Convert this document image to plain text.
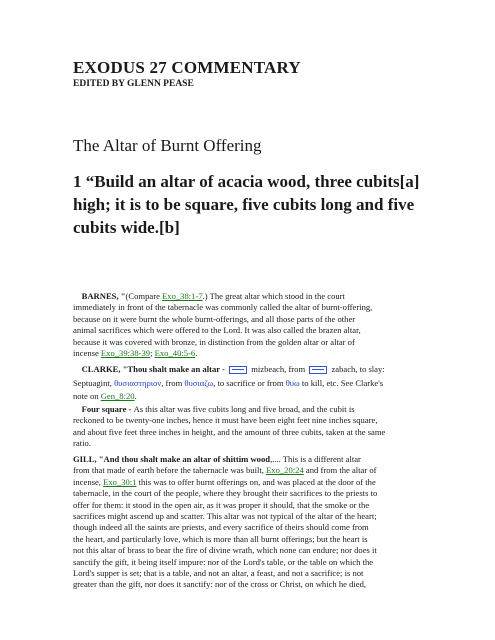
EXODUS 27 COMMENTARY
EDITED BY GLENN PEASE
The Altar of Burnt Offering
1 “Build an altar of acacia wood, three cubits[a]
high; it is to be square, five cubits long and five
cubits wide.[b]
BARNES, "(Compare Exo_38:1-7.) The great altar which stood in the court
immediately in front of the tabernacle was commonly called the altar of burnt-offering,
because on it were burnt the whole burnt-offerings, and all those parts of the other
animal sacrifices which were offered to the Lord. It was also called the brazen altar,
because it was covered with bronze, in distinction from the golden altar or altar of
incense Exo_39:38-39; Exo_40:5-6.
CLARKE, "Thou shalt make an altar -	mizbeach, from	zabach, to slay:
Septuagint, θυσιαστηριον, from θυσιαζω, to sacrifice or from θυω to kill, etc. See Clarke's
note on Gen_8:20.
Four square - As this altar was five cubits long and five broad, and the cubit is
reckoned to be twenty-one inches, hence it must have been eight feet nine inches square,
and about five feet three inches in height, and the amount of three cubits, taken at the same
ratio.
GILL, "And thou shalt make an altar of shittim wood,.... This is a different altar
from that made of earth before the tabernacle was built, Exo_20:24 and from the altar of
incense, Exo_30:1 this was to offer burnt offerings on, and was placed at the door of the
tabernacle, in the court of the people, where they brought their sacrifices to the priests to
offer for them: it stood in the open air, as it was proper it should, that the smoke or the
sacrifices might ascend up and scatter. This altar was not typical of the altar of the heart;
though indeed all the saints are priests, and every sacrifice of theirs should come from
the heart, and particularly love, which is more than all burnt offerings; but the heart is
not this altar of brass to bear the fire of divine wrath, which none can endure; nor does it
sanctify the gift, it being itself impure: nor of the Lord's table, or the table on which the
Lord's supper is set; that is a table, and not an altar, a feast, and not a sacrifice; is not
greater than the gift, nor does it sanctify: nor of the cross or Christ, on which he died,
